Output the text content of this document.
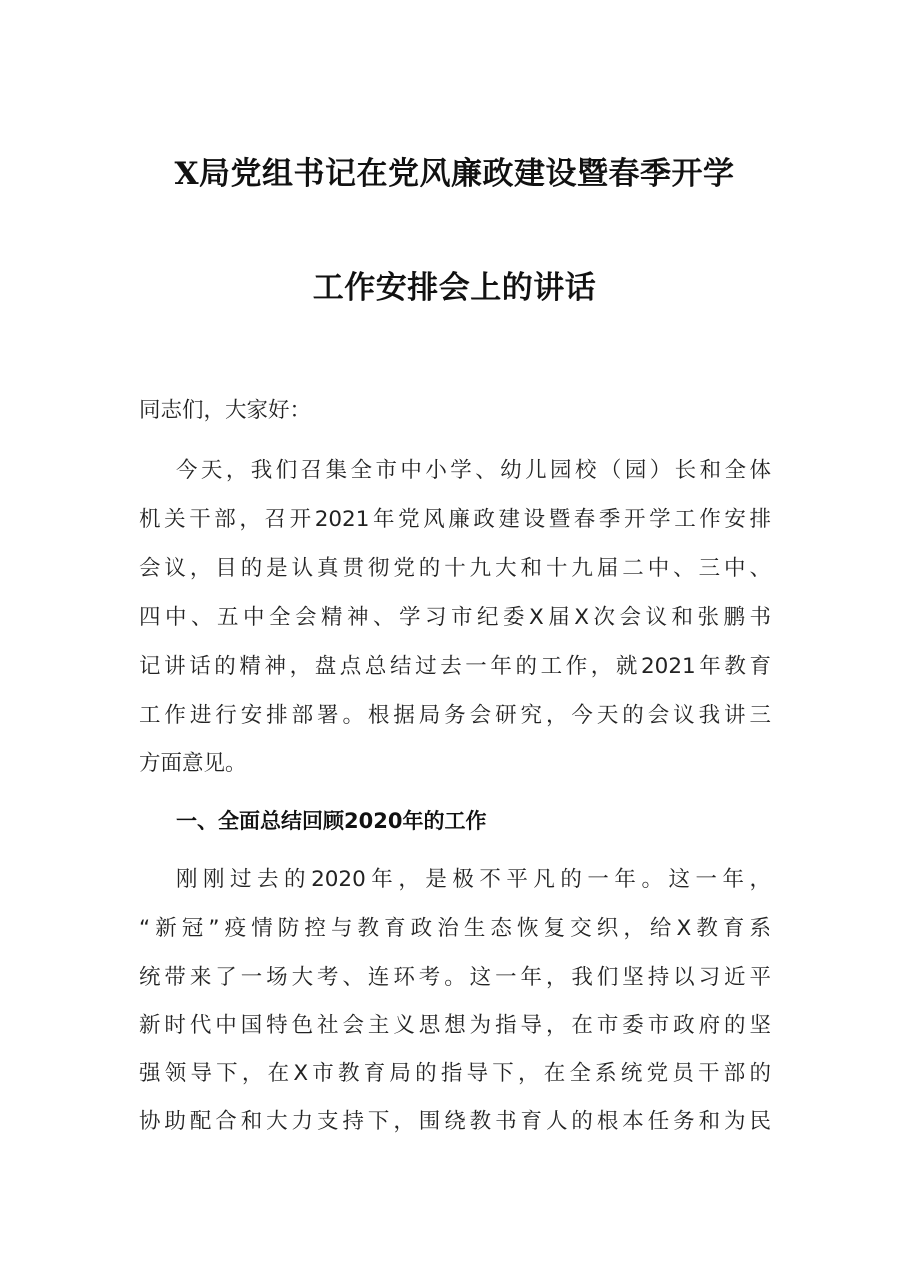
X局党组书记在党风廉政建设暨春季开学
工作安排会上的讲话
同志们，大家好：
今天，我们召集全市中小学、幼儿园校（园）长和全体
机关干部，召开2021年党风廉政建设暨春季开学工作安排
会议，目的是认真贯彻党的十九大和十九届二中、三中、
四中、五中全会精神、学习市纪委X届X次会议和张鹏书
记讲话的精神，盘点总结过去一年的工作，就2021年教育
工作进行安排部署。根据局务会研究，今天的会议我讲三
方面意见。
一、全面总结回顾2020年的工作
刚刚过去的2020年，是极不平凡的一年。这一年，
“新冠”疫情防控与教育政治生态恢复交织，给X教育系
统带来了一场大考、连环考。这一年，我们坚持以习近平
新时代中国特色社会主义思想为指导，在市委市政府的坚
强领导下，在X市教育局的指导下，在全系统党员干部的
协助配合和大力支持下，围绕教书育人的根本任务和为民
